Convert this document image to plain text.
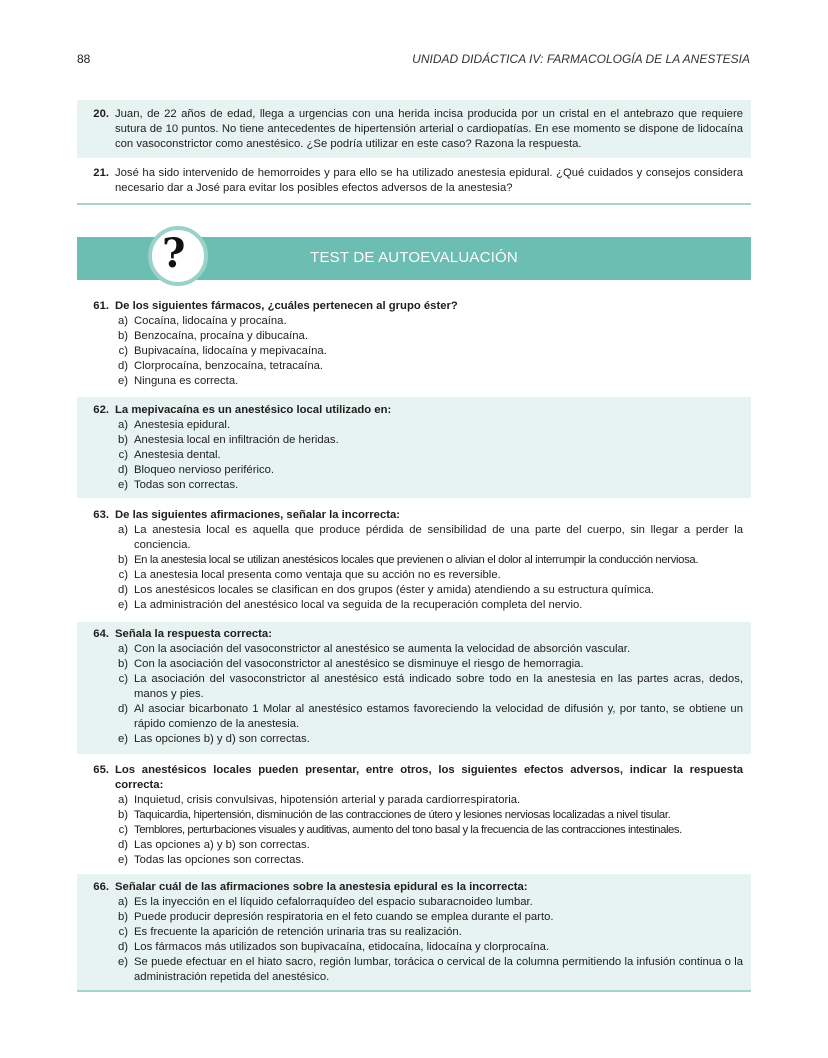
88	UNIDAD DIDÁCTICA IV: FARMACOLOGÍA DE LA ANESTESIA
20. Juan, de 22 años de edad, llega a urgencias con una herida incisa producida por un cristal en el antebrazo que requiere sutura de 10 puntos. No tiene antecedentes de hipertensión arterial o cardiopatías. En ese momento se dispone de lidocaína con vasoconstrictor como anestésico. ¿Se podría utilizar en este caso? Razona la respuesta.
21. José ha sido intervenido de hemorroides y para ello se ha utilizado anestesia epidural. ¿Qué cuidados y consejos considera necesario dar a José para evitar los posibles efectos adversos de la anestesia?
TEST DE AUTOEVALUACIÓN
?
61. De los siguientes fármacos, ¿cuáles pertenecen al grupo éster?
a) Cocaína, lidocaína y procaína.
b) Benzocaína, procaína y dibucaína.
c) Bupivacaína, lidocaína y mepivacaína.
d) Clorprocaína, benzocaína, tetracaína.
e) Ninguna es correcta.
62. La mepivacaína es un anestésico local utilizado en:
a) Anestesia epidural.
b) Anestesia local en infiltración de heridas.
c) Anestesia dental.
d) Bloqueo nervioso periférico.
e) Todas son correctas.
63. De las siguientes afirmaciones, señalar la incorrecta:
a) La anestesia local es aquella que produce pérdida de sensibilidad de una parte del cuerpo, sin llegar a perder la conciencia.
b) En la anestesia local se utilizan anestésicos locales que previenen o alivian el dolor al interrumpir la conducción nerviosa.
c) La anestesia local presenta como ventaja que su acción no es reversible.
d) Los anestésicos locales se clasifican en dos grupos (éster y amida) atendiendo a su estructura química.
e) La administración del anestésico local va seguida de la recuperación completa del nervio.
64. Señala la respuesta correcta:
a) Con la asociación del vasoconstrictor al anestésico se aumenta la velocidad de absorción vascular.
b) Con la asociación del vasoconstrictor al anestésico se disminuye el riesgo de hemorragia.
c) La asociación del vasoconstrictor al anestésico está indicado sobre todo en la anestesia en las partes acras, dedos, manos y pies.
d) Al asociar bicarbonato 1 Molar al anestésico estamos favoreciendo la velocidad de difusión y, por tanto, se obtiene un rápido comienzo de la anestesia.
e) Las opciones b) y d) son correctas.
65. Los anestésicos locales pueden presentar, entre otros, los siguientes efectos adversos, indicar la respuesta correcta:
a) Inquietud, crisis convulsivas, hipotensión arterial y parada cardiorrespiratoria.
b) Taquicardia, hipertensión, disminución de las contracciones de útero y lesiones nerviosas localizadas a nivel tisular.
c) Temblores, perturbaciones visuales y auditivas, aumento del tono basal y la frecuencia de las contracciones intestinales.
d) Las opciones a) y b) son correctas.
e) Todas las opciones son correctas.
66. Señalar cuál de las afirmaciones sobre la anestesia epidural es la incorrecta:
a) Es la inyección en el líquido cefalorraquídeo del espacio subaracnoideo lumbar.
b) Puede producir depresión respiratoria en el feto cuando se emplea durante el parto.
c) Es frecuente la aparición de retención urinaria tras su realización.
d) Los fármacos más utilizados son bupivacaína, etidocaína, lidocaína y clorprocaína.
e) Se puede efectuar en el hiato sacro, región lumbar, torácica o cervical de la columna permitiendo la infusión continua o la administración repetida del anestésico.
